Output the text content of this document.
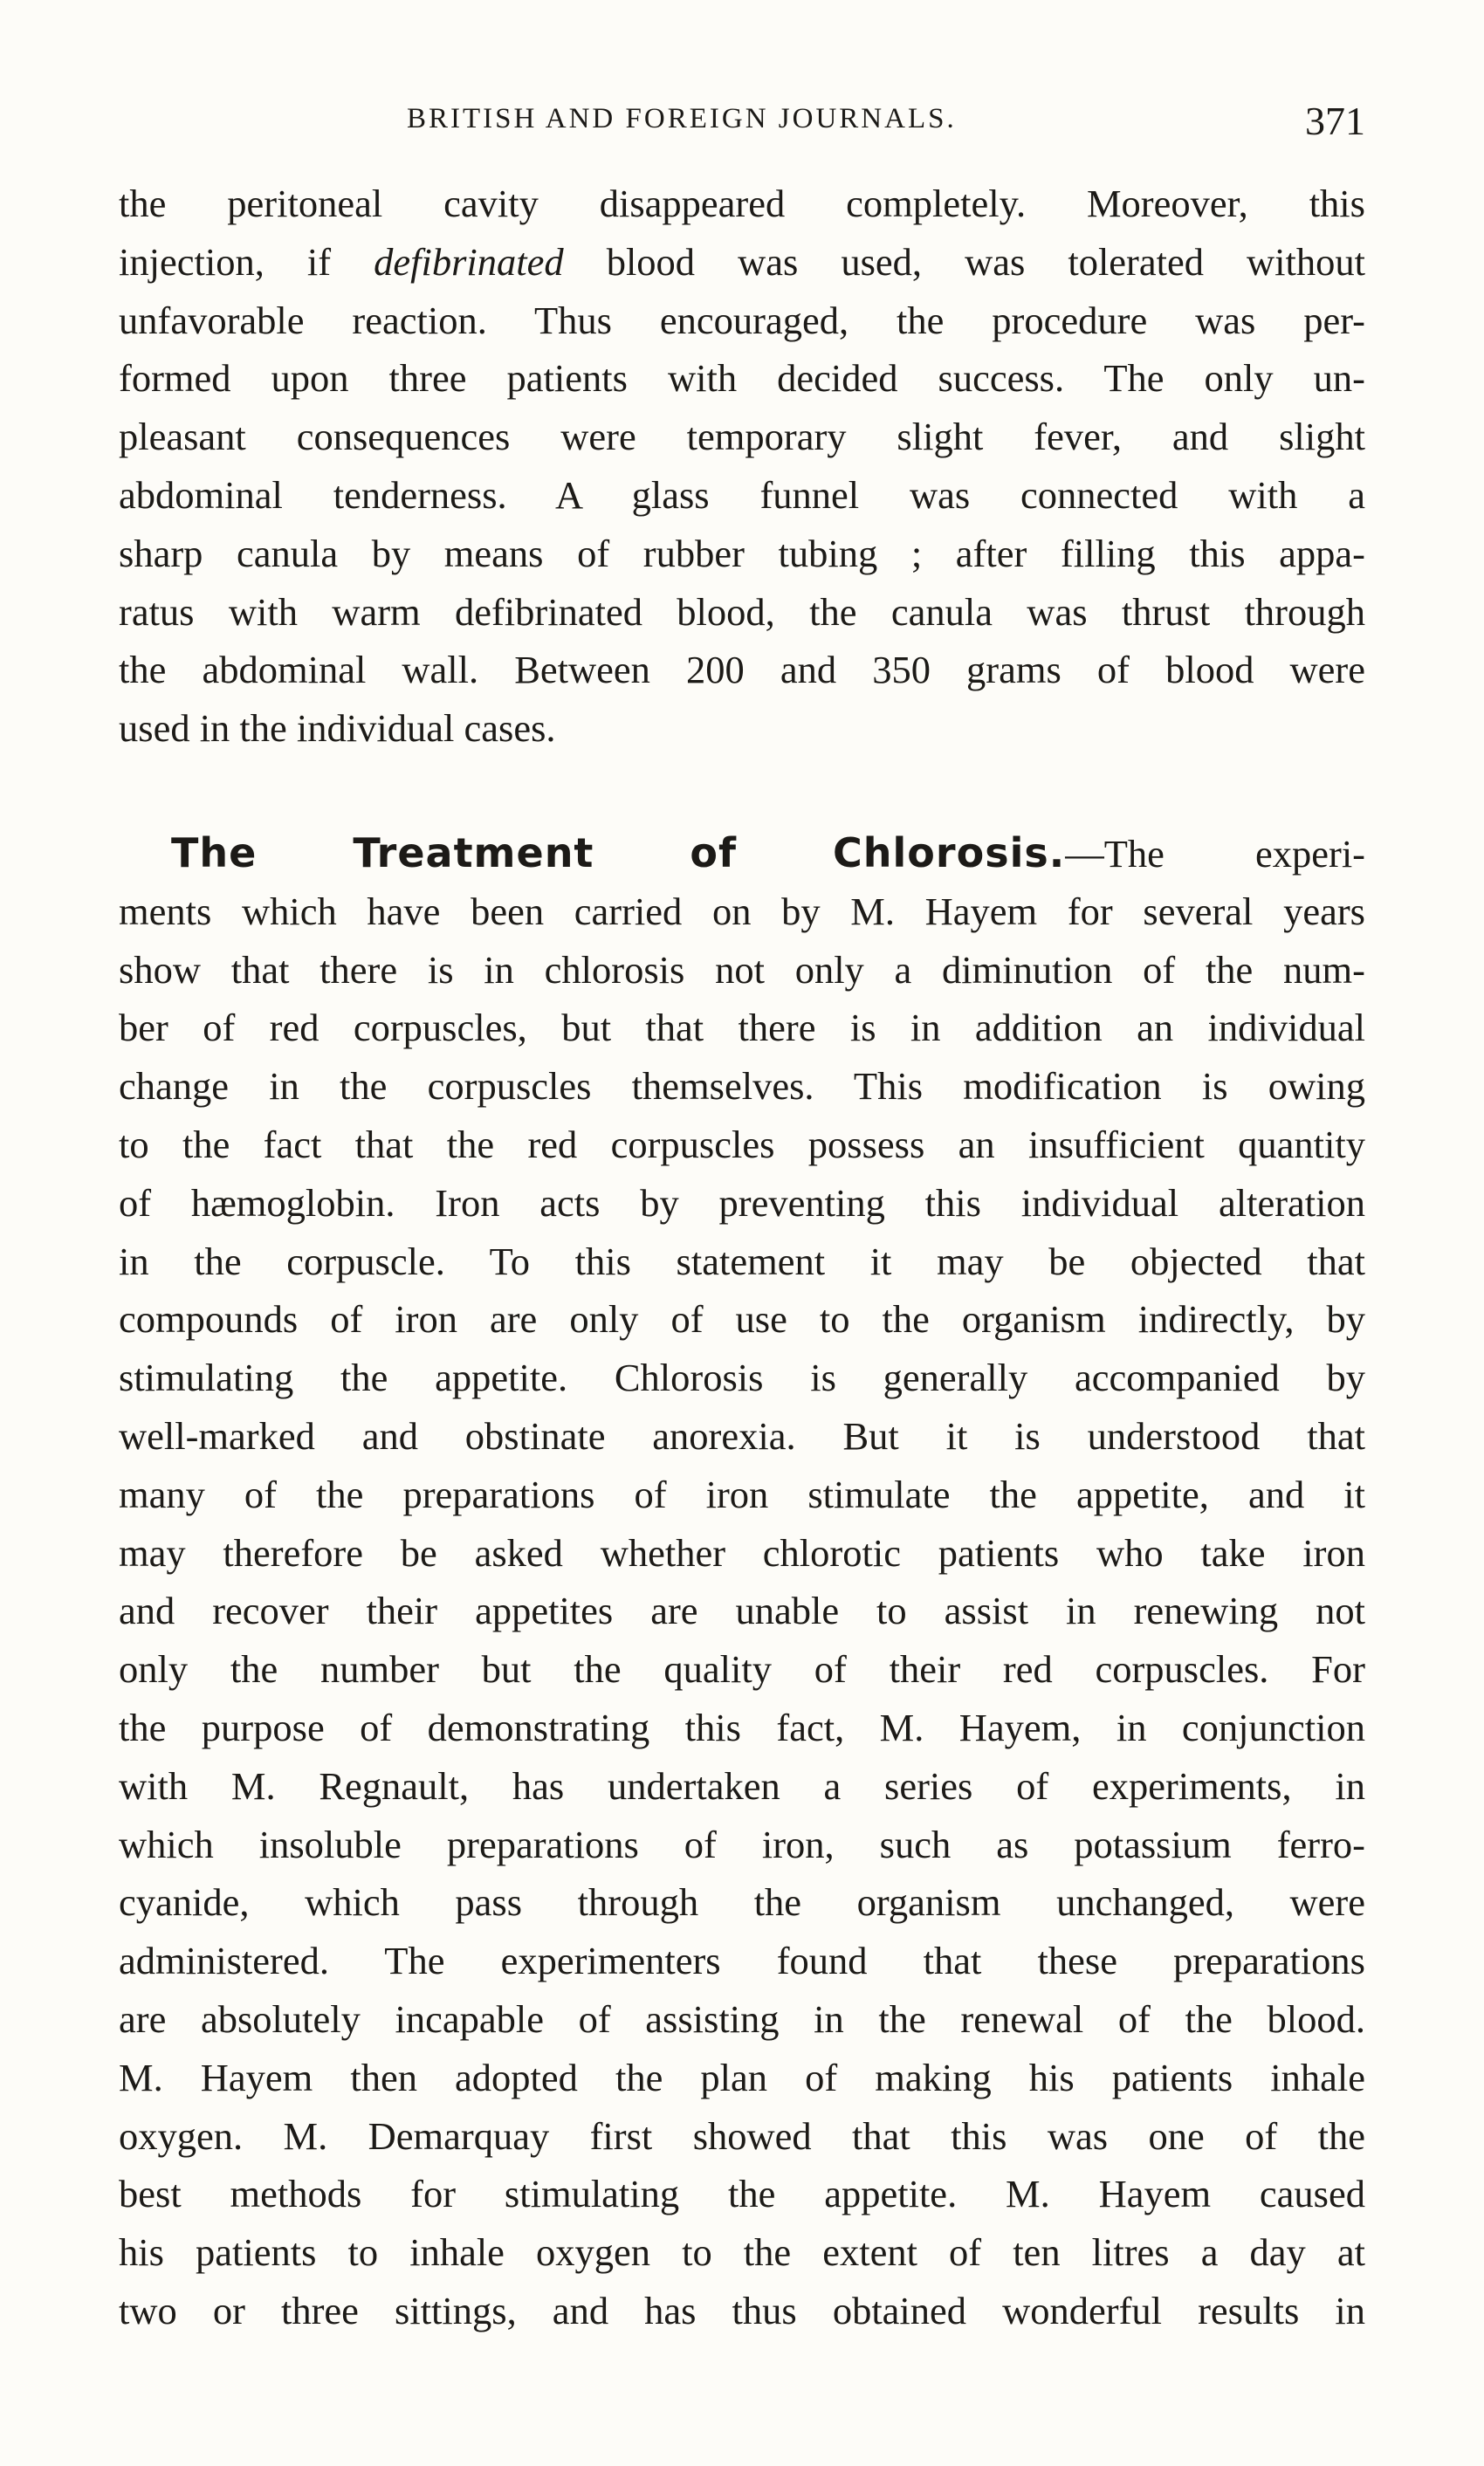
BRITISH AND FOREIGN JOURNALS.	371
the peritoneal cavity disappeared completely. Moreover, this
injection, if defibrinated blood was used, was tolerated without
unfavorable reaction. Thus encouraged, the procedure was per-
formed upon three patients with decided success. The only un-
pleasant consequences were temporary slight fever, and slight
abdominal tenderness. A glass funnel was connected with a
sharp canula by means of rubber tubing ; after filling this appa-
ratus with warm defibrinated blood, the canula was thrust through
the abdominal wall. Between 200 and 350 grams of blood were
used in the individual cases.
The Treatment of Chlorosis.—The experi-
ments which have been carried on by M. Hayem for several years
show that there is in chlorosis not only a diminution of the num-
ber of red corpuscles, but that there is in addition an individual
change in the corpuscles themselves. This modification is owing
to the fact that the red corpuscles possess an insufficient quantity
of hæmoglobin. Iron acts by preventing this individual alteration
in the corpuscle. To this statement it may be objected that
compounds of iron are only of use to the organism indirectly, by
stimulating the appetite. Chlorosis is generally accompanied by
well-marked and obstinate anorexia. But it is understood that
many of the preparations of iron stimulate the appetite, and it
may therefore be asked whether chlorotic patients who take iron
and recover their appetites are unable to assist in renewing not
only the number but the quality of their red corpuscles. For
the purpose of demonstrating this fact, M. Hayem, in conjunction
with M. Regnault, has undertaken a series of experiments, in
which insoluble preparations of iron, such as potassium ferro-
cyanide, which pass through the organism unchanged, were
administered. The experimenters found that these preparations
are absolutely incapable of assisting in the renewal of the blood.
M. Hayem then adopted the plan of making his patients inhale
oxygen. M. Demarquay first showed that this was one of the
best methods for stimulating the appetite. M. Hayem caused
his patients to inhale oxygen to the extent of ten litres a day at
two or three sittings, and has thus obtained wonderful results in
